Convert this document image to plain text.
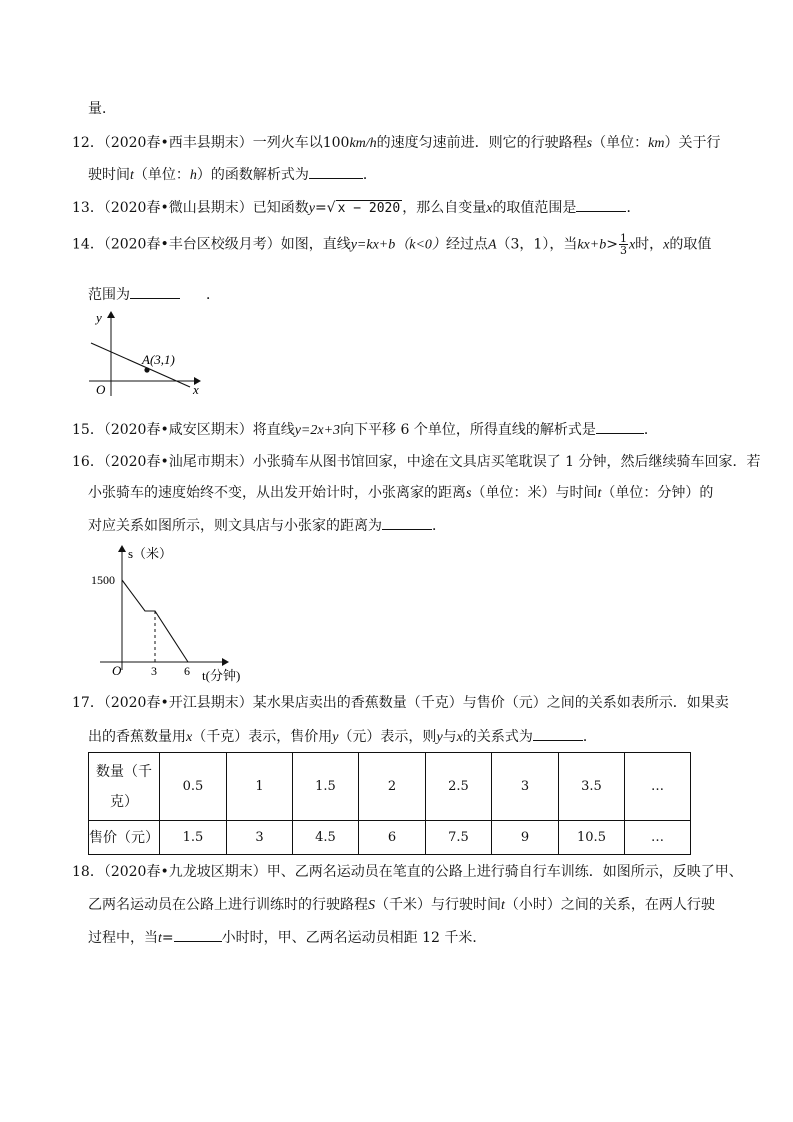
量．
12．（2020春•西丰县期末）一列火车以100km/h的速度匀速前进．则它的行驶路程s（单位：km）关于行
驶时间t（单位：h）的函数解析式为	．
13．（2020春•微山县期末）已知函数y=√ x − 2020 ，那么自变量x的取值范围是	．
14．（2020春•丰台区校级月考）如图，直线y=kx+b（k<0）经过点A（3，1），当$kx+b> \frac{1}{3}$ x时，x的取值
范围为	．
A(3,1)
y
x
O
15．（2020春•咸安区期末）将直线y=2x+3向下平移 6 个单位，所得直线的解析式是	．
16．（2020春•汕尾市期末）小张骑车从图书馆回家，中途在文具店买笔耽误了 1 分钟，然后继续骑车回家．若
小张骑车的速度始终不变，从出发开始计时，小张离家的距离s（单位：米）与时间t（单位：分钟）的
对应关系如图所示，则文具店与小张家的距离为	．
s（米）
1500
O 3 6 t(分钟)
17．（2020春•开江县期末）某水果店卖出的香蕉数量（千克）与售价（元）之间的关系如表所示．如果卖
出的香蕉数量用x（千克）表示，售价用y（元）表示，则y与x的关系式为	．
数量（千
克）	0.5	1	1.5	2	2.5	3	3.5	…
售价（元）	1.5	3	4.5	6	7.5	9	10.5	…
18．（2020春•九龙坡区期末）甲、乙两名运动员在笔直的公路上进行骑自行车训练．如图所示，反映了甲、
乙两名运动员在公路上进行训练时的行驶路程S（千米）与行驶时间t（小时）之间的关系，在两人行驶
过程中，当t=	小时时，甲、乙两名运动员相距 12 千米．
